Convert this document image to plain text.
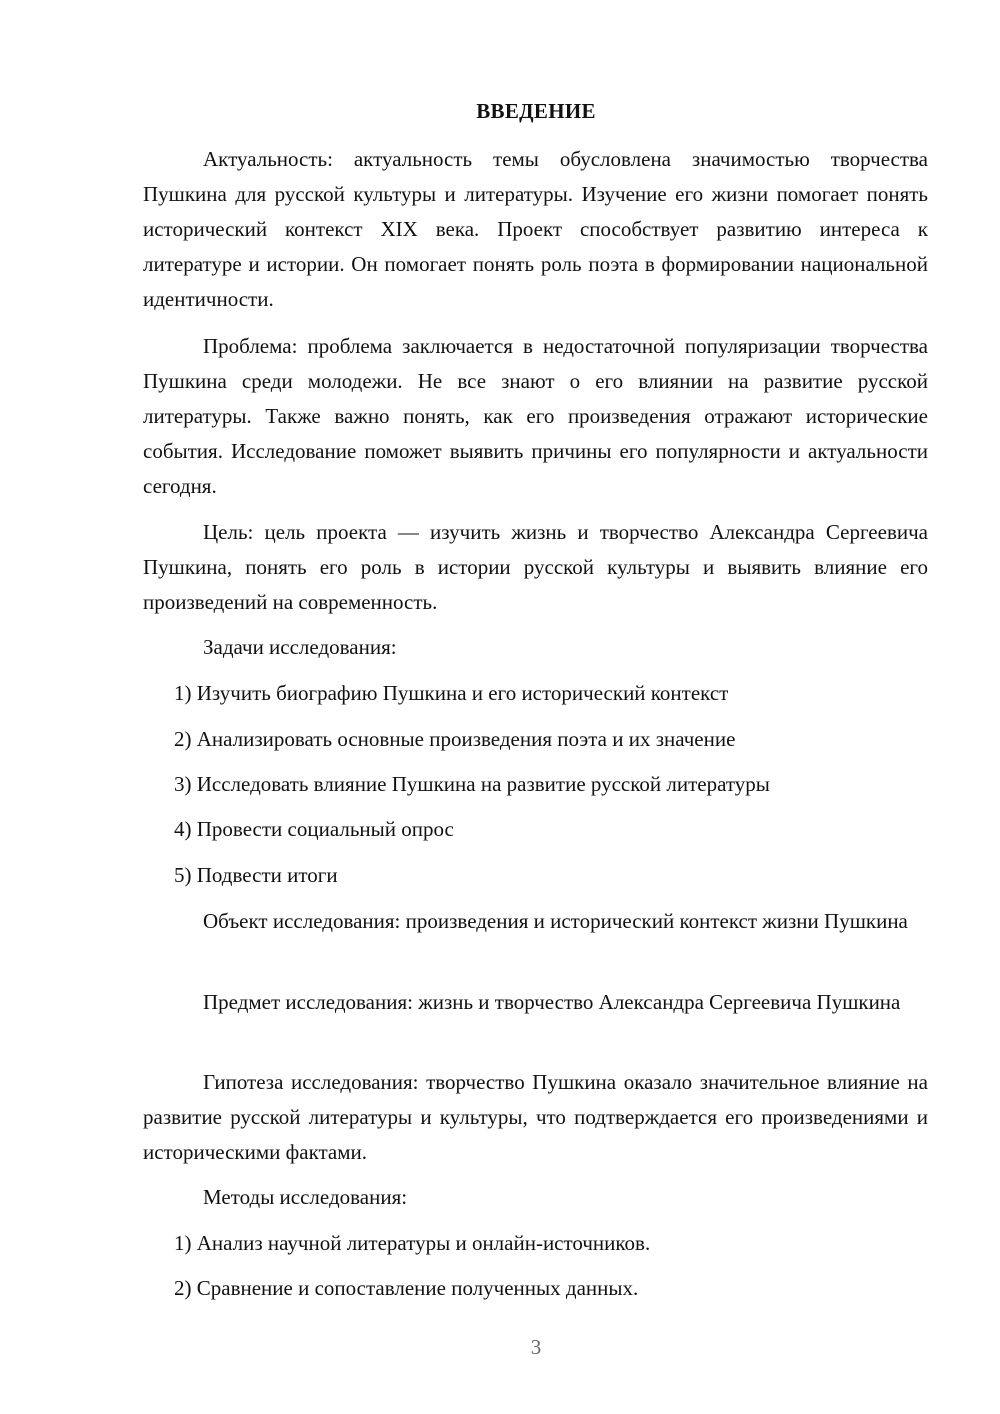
ВВЕДЕНИЕ

Актуальность: актуальность темы обусловлена значимостью творчества Пушкина для русской культуры и литературы. Изучение его жизни помогает понять исторический контекст XIX века. Проект способствует развитию интереса к литературе и истории. Он помогает понять роль поэта в формировании национальной идентичности.

Проблема: проблема заключается в недостаточной популяризации творчества Пушкина среди молодежи. Не все знают о его влиянии на развитие русской литературы. Также важно понять, как его произведения отражают исторические события. Исследование поможет выявить причины его популярности и актуальности сегодня.

Цель: цель проекта — изучить жизнь и творчество Александра Сергеевича Пушкина, понять его роль в истории русской культуры и выявить влияние его произведений на современность.

Задачи исследования:

1) Изучить биографию Пушкина и его исторический контекст

2) Анализировать основные произведения поэта и их значение

3) Исследовать влияние Пушкина на развитие русской литературы

4) Провести социальный опрос

5) Подвести итоги

Объект исследования: произведения и исторический контекст жизни Пушкина

Предмет исследования: жизнь и творчество Александра Сергеевича Пушкина

Гипотеза исследования: творчество Пушкина оказало значительное влияние на развитие русской литературы и культуры, что подтверждается его произведениями и историческими фактами.

Методы исследования:

1) Анализ научной литературы и онлайн-источников.

2) Сравнение и сопоставление полученных данных.

3
